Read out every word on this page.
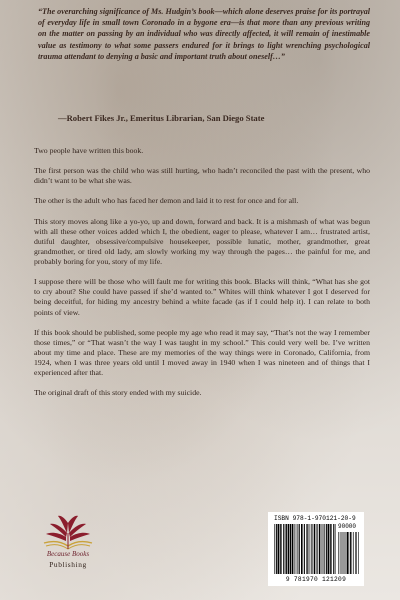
“The overarching significance of Ms. Hudgin’s book—which alone deserves praise for its portrayal of everyday life in small town Coronado in a bygone era—is that more than any previous writing on the matter on passing by an individual who was directly affected, it will remain of inestimable value as testimony to what some passers endured for it brings to light wrenching psychological trauma attendant to denying a basic and important truth about oneself…”

—Robert Fikes Jr., Emeritus Librarian, San Diego State

Two people have written this book.

The first person was the child who was still hurting, who hadn’t reconciled the past with the present, who didn’t want to be what she was.

The other is the adult who has faced her demon and laid it to rest for once and for all.

This story moves along like a yo-yo, up and down, forward and back. It is a mishmash of what was begun with all these other voices added which I, the obedient, eager to please, whatever I am… frustrated artist, dutiful daughter, obsessive/compulsive housekeeper, possible lunatic, mother, grandmother, great grandmother, or tired old lady, am slowly working my way through the pages… the painful for me, and probably boring for you, story of my life.

I suppose there will be those who will fault me for writing this book. Blacks will think, “What has she got to cry about? She could have passed if she’d wanted to.” Whites will think whatever I got I deserved for being deceitful, for hiding my ancestry behind a white facade (as if I could help it). I can relate to both points of view.

If this book should be published, some people my age who read it may say, “That’s not the way I remember those times,” or “That wasn’t the way I was taught in my school.” This could very well be. I’ve written about my time and place. These are my memories of the way things were in Coronado, California, from 1924, when I was three years old until I moved away in 1940 when I was nineteen and of things that I experienced after that.

The original draft of this story ended with my suicide.

Because Books
Publishing
ISBN 978-1-970121-20-9
90000
9 781970 121209
